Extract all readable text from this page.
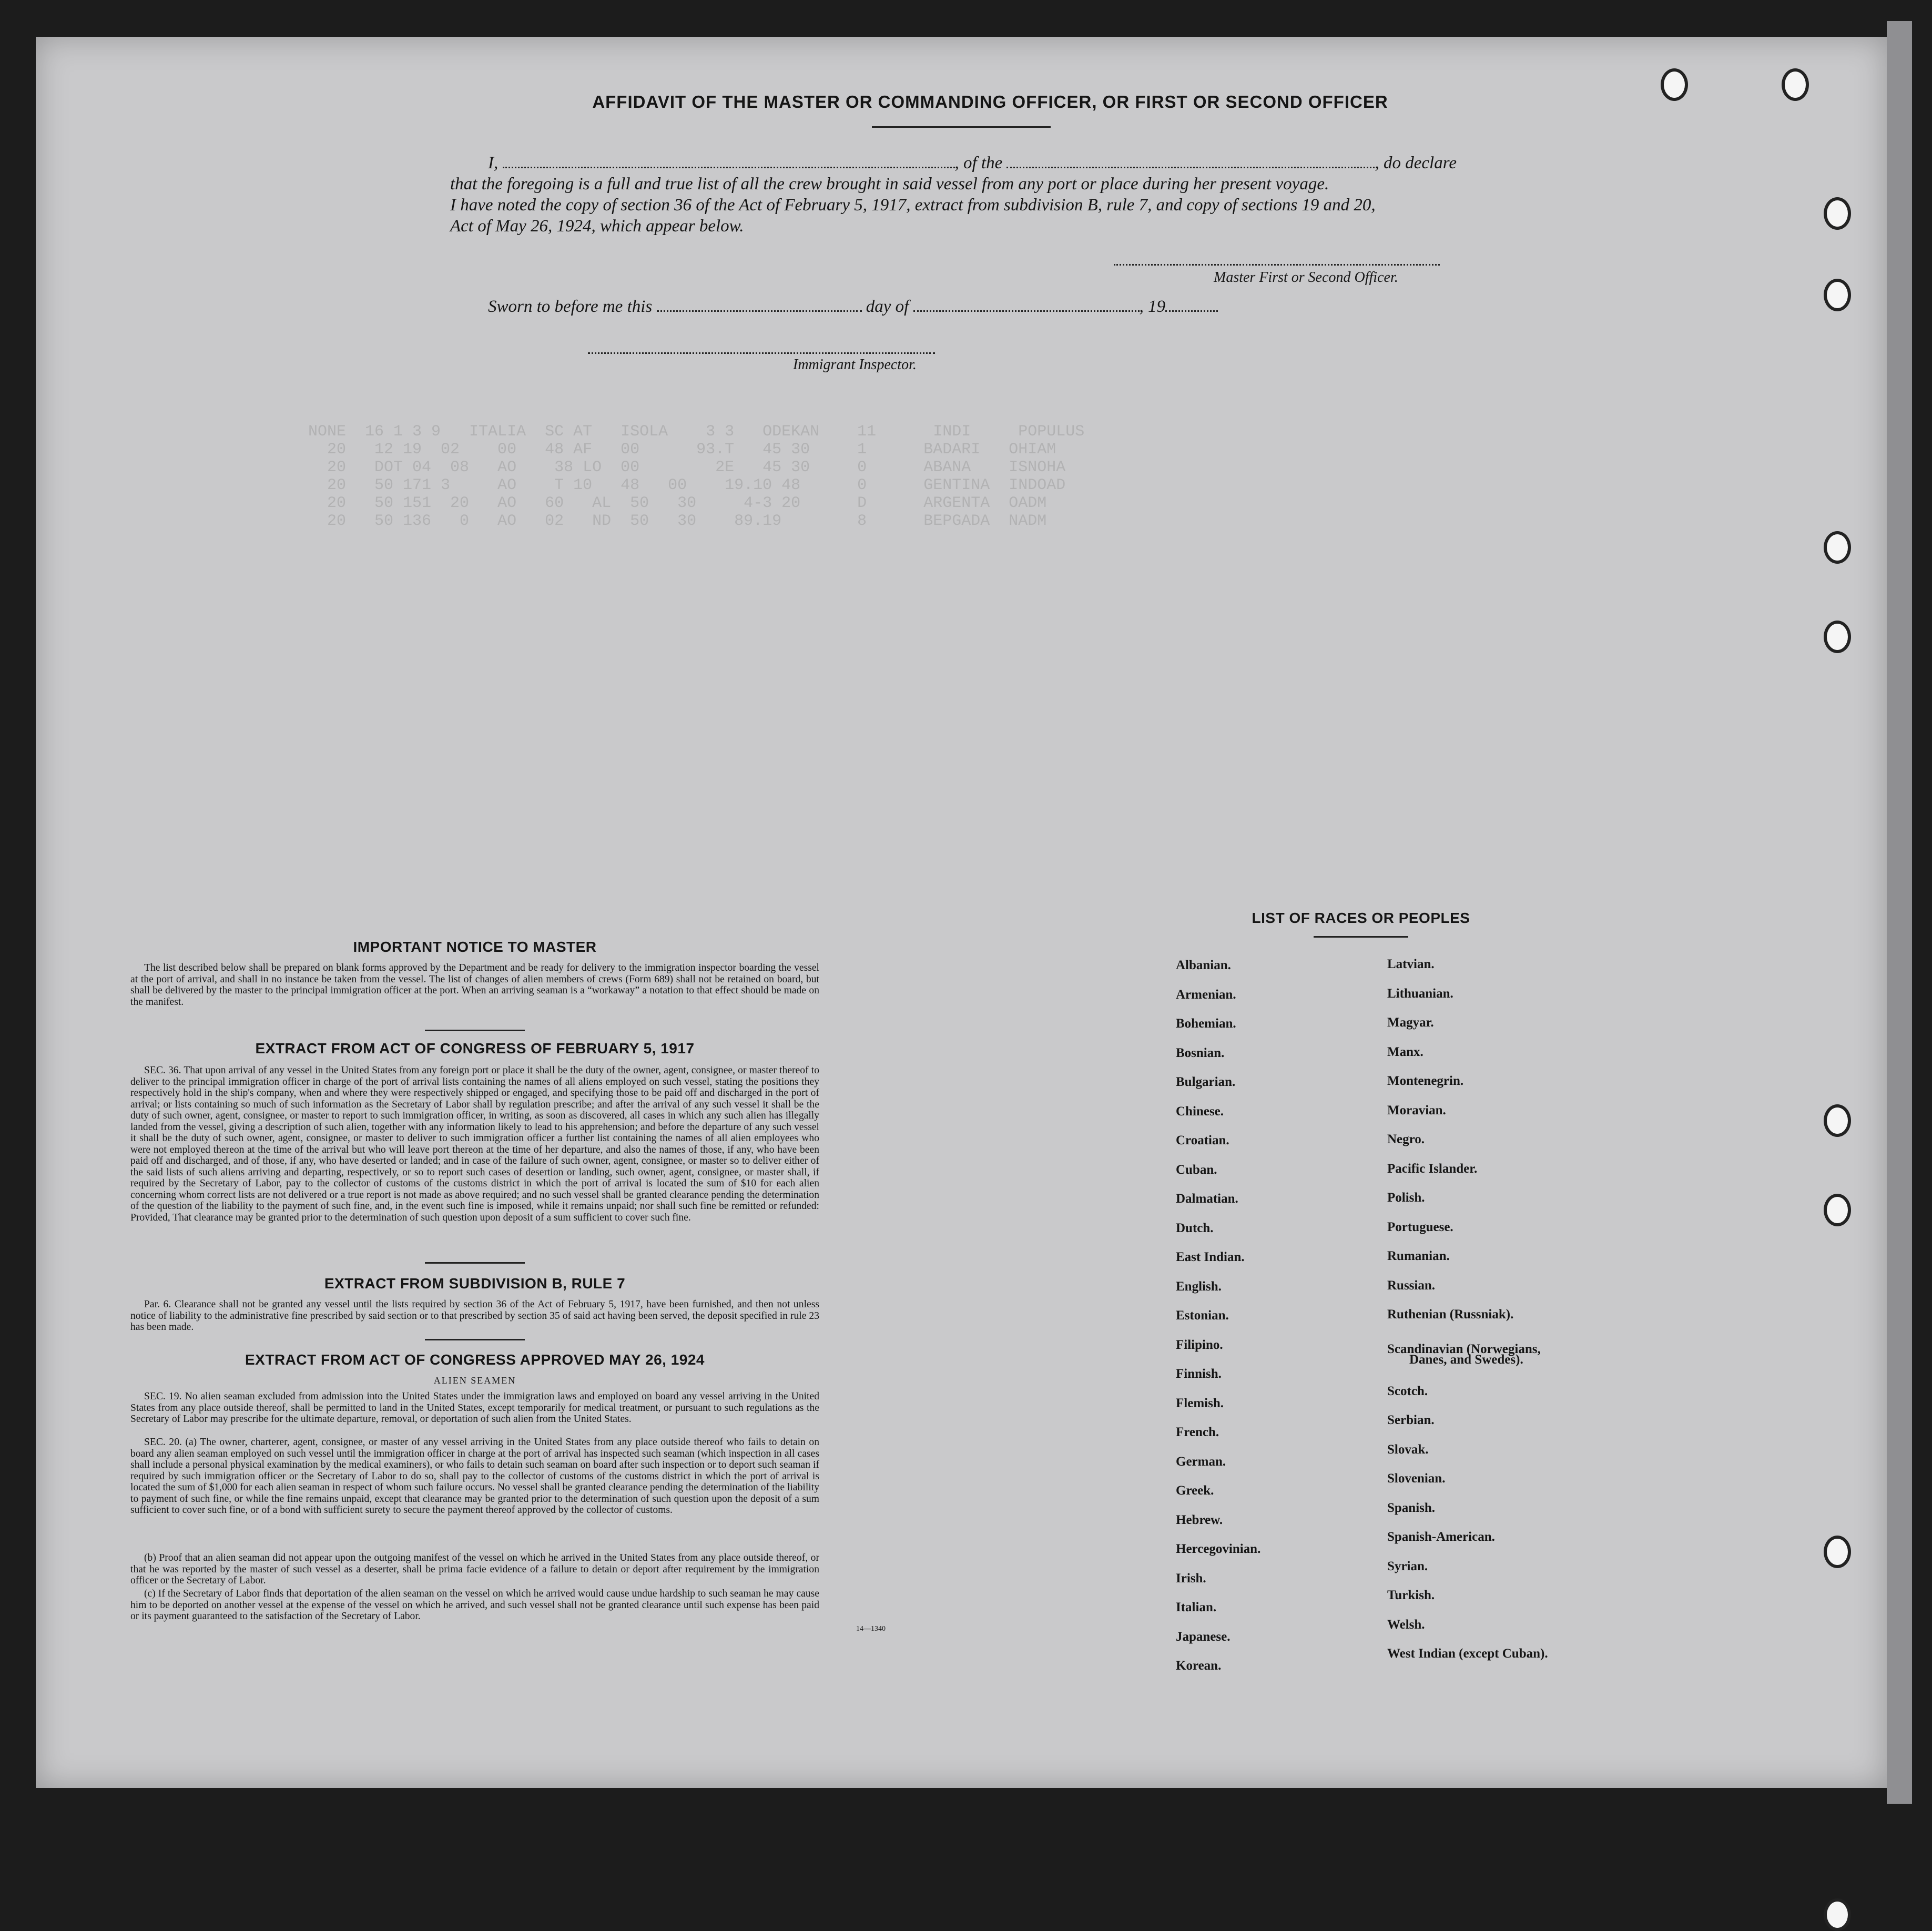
NONE  16 1 3 9   ITALIA  SC AT   ISOLA    3 3   ODEKAN    11      INDI     POPULUS
20   12 19  02    00   48 AF   00      93.T   45 30     1      BADARI   OHIAM
20   DOT 04  08   AO    38 LO  00        2E   45 30     0      ABANA    ISNOHA
20   50 171 3     AO    T 10   48   00    19.10 48      0      GENTINA  INDOAD
20   50 151  20   AO   60   AL  50   30     4-3 20      D      ARGENTA  OADM
20   50 136   0   AO   02   ND  50   30    89.19        8      BEPGADA  NADM

AFFIDAVIT OF THE MASTER OR COMMANDING OFFICER, OR FIRST OR SECOND OFFICER
I,	, of the	, do declare
that the foregoing is a full and true list of all the crew brought in said vessel from any port or place during her present voyage.
I have noted the copy of section 36 of the Act of February 5, 1917, extract from subdivision B, rule 7, and copy of sections 19 and 20,
Act of May 26, 1924, which appear below.
Master First or Second Officer.
Sworn to before me this	day of	, 19
Immigrant Inspector.
IMPORTANT NOTICE TO MASTER
The list described below shall be prepared on blank forms approved by the Department and be ready for delivery to the immigration inspector boarding the vessel at the port of arrival, and shall in no instance be taken from the vessel. The list of changes of alien members of crews (Form 689) shall not be retained on board, but shall be delivered by the master to the principal immigration officer at the port. When an arriving seaman is a “workaway” a notation to that effect should be made on the manifest.
EXTRACT FROM ACT OF CONGRESS OF FEBRUARY 5, 1917
SEC. 36. That upon arrival of any vessel in the United States from any foreign port or place it shall be the duty of the owner, agent, consignee, or master thereof to deliver to the principal immigration officer in charge of the port of arrival lists containing the names of all aliens employed on such vessel, stating the positions they respectively hold in the ship's company, when and where they were respectively shipped or engaged, and specifying those to be paid off and discharged in the port of arrival; or lists containing so much of such information as the Secretary of Labor shall by regulation prescribe; and after the arrival of any such vessel it shall be the duty of such owner, agent, consignee, or master to report to such immigration officer, in writing, as soon as discovered, all cases in which any such alien has illegally landed from the vessel, giving a description of such alien, together with any information likely to lead to his apprehension; and before the departure of any such vessel it shall be the duty of such owner, agent, consignee, or master to deliver to such immigration officer a further list containing the names of all alien employees who were not employed thereon at the time of the arrival but who will leave port thereon at the time of her departure, and also the names of those, if any, who have been paid off and discharged, and of those, if any, who have deserted or landed; and in case of the failure of such owner, agent, consignee, or master so to deliver either of the said lists of such aliens arriving and departing, respectively, or so to report such cases of desertion or landing, such owner, agent, consignee, or master shall, if required by the Secretary of Labor, pay to the collector of customs of the customs district in which the port of arrival is located the sum of $10 for each alien concerning whom correct lists are not delivered or a true report is not made as above required; and no such vessel shall be granted clearance pending the determination of the question of the liability to the payment of such fine, and, in the event such fine is imposed, while it remains unpaid; nor shall such fine be remitted or refunded: Provided, That clearance may be granted prior to the determination of such question upon deposit of a sum sufficient to cover such fine.
EXTRACT FROM SUBDIVISION B, RULE 7
Par. 6. Clearance shall not be granted any vessel until the lists required by section 36 of the Act of February 5, 1917, have been furnished, and then not unless notice of liability to the administrative fine prescribed by said section or to that prescribed by section 35 of said act having been served, the deposit specified in rule 23 has been made.
EXTRACT FROM ACT OF CONGRESS APPROVED MAY 26, 1924
ALIEN SEAMEN
SEC. 19. No alien seaman excluded from admission into the United States under the immigration laws and employed on board any vessel arriving in the United States from any place outside thereof, shall be permitted to land in the United States, except temporarily for medical treatment, or pursuant to such regulations as the Secretary of Labor may prescribe for the ultimate departure, removal, or deportation of such alien from the United States.
SEC. 20. (a) The owner, charterer, agent, consignee, or master of any vessel arriving in the United States from any place outside thereof who fails to detain on board any alien seaman employed on such vessel until the immigration officer in charge at the port of arrival has inspected such seaman (which inspection in all cases shall include a personal physical examination by the medical examiners), or who fails to detain such seaman on board after such inspection or to deport such seaman if required by such immigration officer or the Secretary of Labor to do so, shall pay to the collector of customs of the customs district in which the port of arrival is located the sum of $1,000 for each alien seaman in respect of whom such failure occurs. No vessel shall be granted clearance pending the determination of the liability to payment of such fine, or while the fine remains unpaid, except that clearance may be granted prior to the determination of such question upon the deposit of a sum sufficient to cover such fine, or of a bond with sufficient surety to secure the payment thereof approved by the collector of customs.
(b) Proof that an alien seaman did not appear upon the outgoing manifest of the vessel on which he arrived in the United States from any place outside thereof, or that he was reported by the master of such vessel as a deserter, shall be prima facie evidence of a failure to detain or deport after requirement by the immigration officer or the Secretary of Labor.
(c) If the Secretary of Labor finds that deportation of the alien seaman on the vessel on which he arrived would cause undue hardship to such seaman he may cause him to be deported on another vessel at the expense of the vessel on which he arrived, and such vessel shall not be granted clearance until such expense has been paid or its payment guaranteed to the satisfaction of the Secretary of Labor.
14—1340
LIST OF RACES OR PEOPLES
Albanian.
Armenian.
Bohemian.
Bosnian.
Bulgarian.
Chinese.
Croatian.
Cuban.
Dalmatian.
Dutch.
East Indian.
English.
Estonian.
Filipino.
Finnish.
Flemish.
French.
German.
Greek.
Hebrew.
Hercegovinian.
Irish.
Italian.
Japanese.
Korean.
Latvian.
Lithuanian.
Magyar.
Manx.
Montenegrin.
Moravian.
Negro.
Pacific Islander.
Polish.
Portuguese.
Rumanian.
Russian.
Ruthenian (Russniak).
Scandinavian (Norwegians,
Danes, and Swedes).
Scotch.
Serbian.
Slovak.
Slovenian.
Spanish.
Spanish-American.
Syrian.
Turkish.
Welsh.
West Indian (except Cuban).
